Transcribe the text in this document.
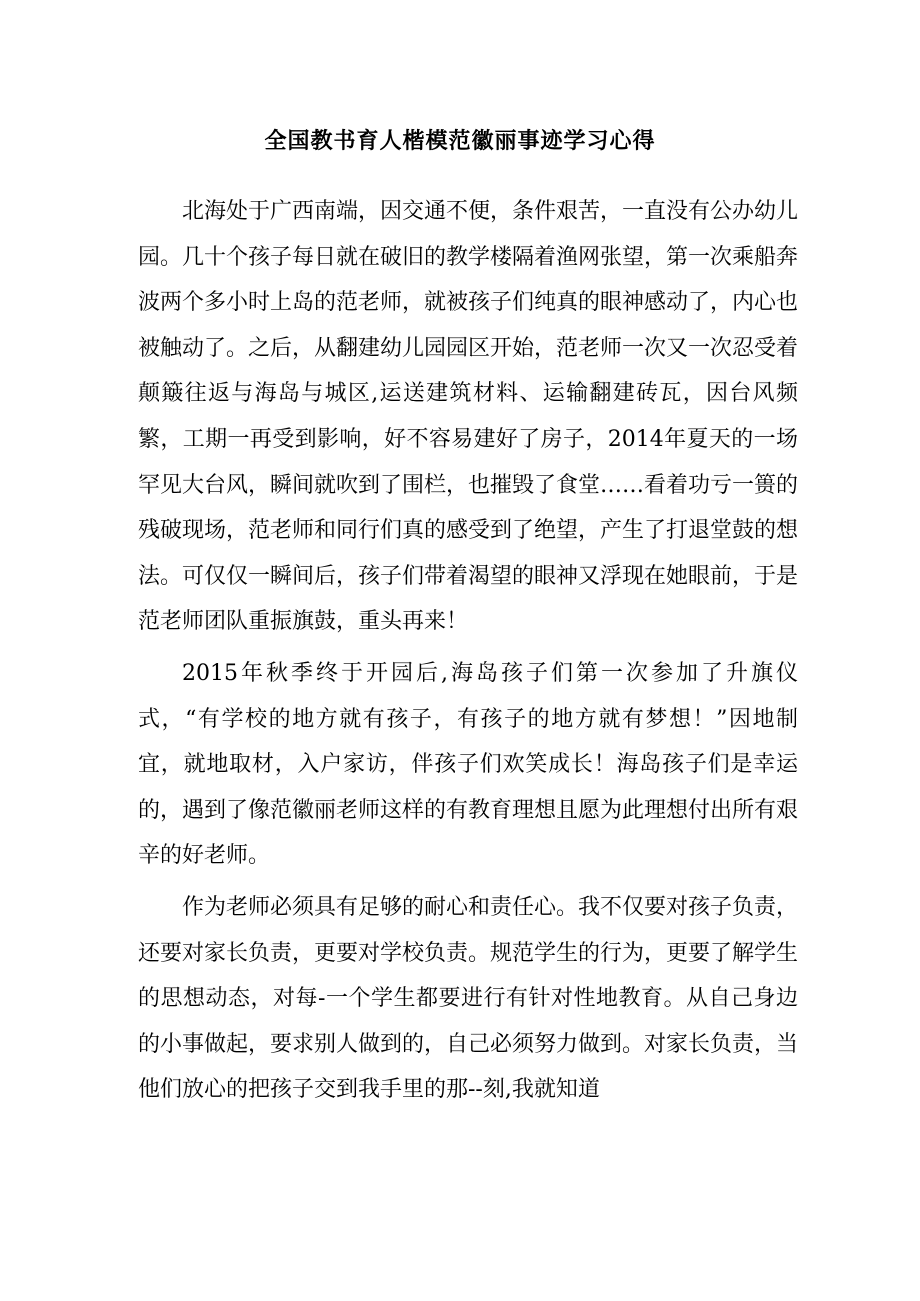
全国教书育人楷模范徽丽事迹学习心得

北海处于广西南端，因交通不便，条件艰苦，一直没有公办幼儿园。几十个孩子每日就在破旧的教学楼隔着渔网张望，第一次乘船奔波两个多小时上岛的范老师，就被孩子们纯真的眼神感动了，内心也被触动了。之后，从翻建幼儿园园区开始，范老师一次又一次忍受着颠簸往返与海岛与城区,运送建筑材料、运输翻建砖瓦，因台风频繁，工期一再受到影响，好不容易建好了房子，2014年夏天的一场罕见大台风，瞬间就吹到了围栏，也摧毁了食堂……看着功亏一篑的残破现场，范老师和同行们真的感受到了绝望，产生了打退堂鼓的想法。可仅仅一瞬间后，孩子们带着渴望的眼神又浮现在她眼前，于是范老师团队重振旗鼓，重头再来！

2015年秋季终于开园后,海岛孩子们第一次参加了升旗仪式，“有学校的地方就有孩子，有孩子的地方就有梦想！”因地制宜，就地取材，入户家访，伴孩子们欢笑成长！海岛孩子们是幸运的，遇到了像范徽丽老师这样的有教育理想且愿为此理想付出所有艰辛的好老师。

作为老师必须具有足够的耐心和责任心。我不仅要对孩子负责，还要对家长负责，更要对学校负责。规范学生的行为，更要了解学生的思想动态，对每-一个学生都要进行有针对性地教育。从自己身边的小事做起，要求别人做到的，自己必须努力做到。对家长负责，当他们放心的把孩子交到我手里的那--刻,我就知道
